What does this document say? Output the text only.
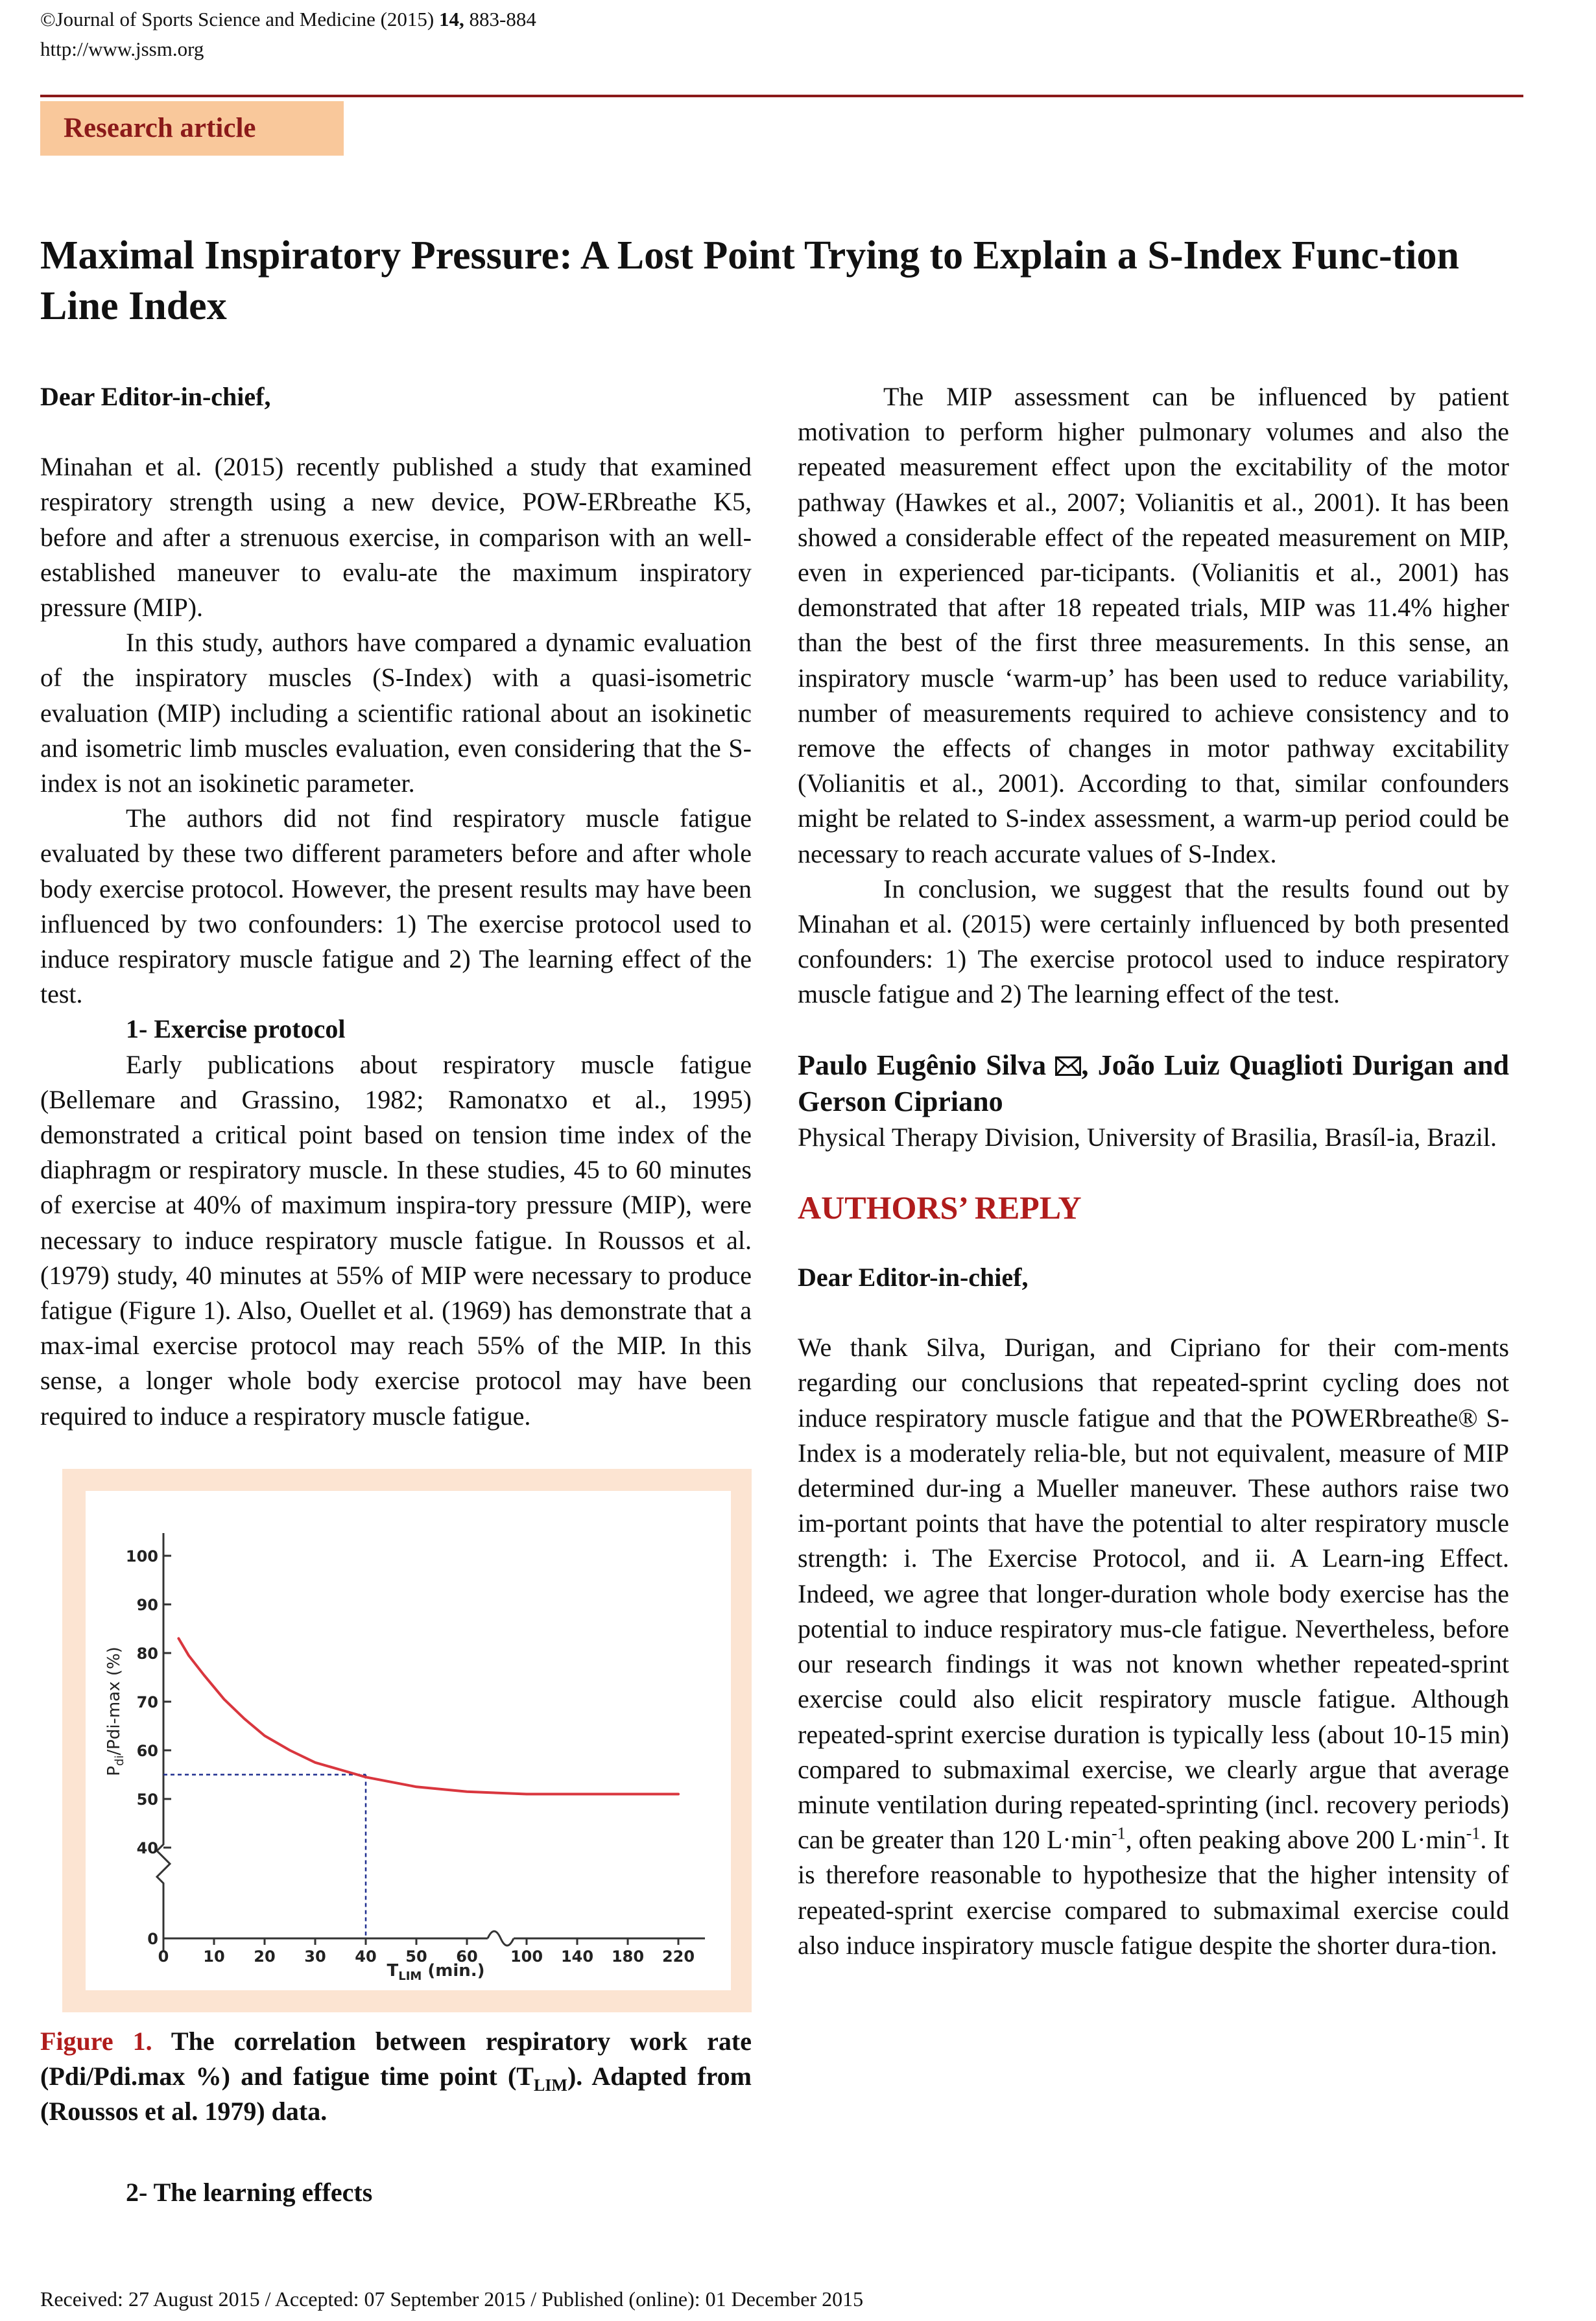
©Journal of Sports Science and Medicine (2015) 14, 883-884
http://www.jssm.org
Research article
Maximal Inspiratory Pressure: A Lost Point Trying to Explain a S-Index Func-tion Line Index

Dear Editor-in-chief,

Minahan et al. (2015) recently published a study that examined respiratory strength using a new device, POW-ERbreathe K5, before and after a strenuous exercise, in comparison with an well-established maneuver to evalu-ate the maximum inspiratory pressure (MIP).

In this study, authors have compared a dynamic evaluation of the inspiratory muscles (S-Index) with a quasi-isometric evaluation (MIP) including a scientific rational about an isokinetic and isometric limb muscles evaluation, even considering that the S-index is not an isokinetic parameter.

The authors did not find respiratory muscle fatigue evaluated by these two different parameters before and after whole body exercise protocol. However, the present results may have been influenced by two confounders: 1) The exercise protocol used to induce respiratory muscle fatigue and 2) The learning effect of the test.

1- Exercise protocol

Early publications about respiratory muscle fatigue (Bellemare and Grassino, 1982; Ramonatxo et al., 1995) demonstrated a critical point based on tension time index of the diaphragm or respiratory muscle. In these studies, 45 to 60 minutes of exercise at 40% of maximum inspira-tory pressure (MIP), were necessary to induce respiratory muscle fatigue. In Roussos et al. (1979) study, 40 minutes at 55% of MIP were necessary to produce fatigue (Figure 1). Also, Ouellet et al. (1969) has demonstrate that a max-imal exercise protocol may reach 55% of the MIP. In this sense, a longer whole body exercise protocol may have been required to induce a respiratory muscle fatigue.

100
90
80
70
60
50
40
0
0 10 20 30 40 50 60 100 140 180 220
$T_{LIM}$ (min.)
$P_{di}/Pdi-\max$ (%)

Figure 1. The correlation between respiratory work rate (Pdi/Pdi.max %) and fatigue time point $(T_{LIM})$. Adapted from (Roussos et al. 1979) data.

2- The learning effects

The MIP assessment can be influenced by patient motivation to perform higher pulmonary volumes and also the repeated measurement effect upon the excitability of the motor pathway (Hawkes et al., 2007; Volianitis et al., 2001). It has been showed a considerable effect of the repeated measurement on MIP, even in experienced par-ticipants. (Volianitis et al., 2001) has demonstrated that after 18 repeated trials, MIP was 11.4% higher than the best of the first three measurements. In this sense, an inspiratory muscle ‘warm-up’ has been used to reduce variability, number of measurements required to achieve consistency and to remove the effects of changes in motor pathway excitability (Volianitis et al., 2001). According to that, similar confounders might be related to S-index assessment, a warm-up period could be necessary to reach accurate values of S-Index.

In conclusion, we suggest that the results found out by Minahan et al. (2015) were certainly influenced by both presented confounders: 1) The exercise protocol used to induce respiratory muscle fatigue and 2) The learning effect of the test.

Paulo Eugênio Silva , João Luiz Quaglioti Durigan and Gerson Cipriano

Physical Therapy Division, University of Brasilia, Brasíl-ia, Brazil.

AUTHORS’ REPLY

Dear Editor-in-chief,

We thank Silva, Durigan, and Cipriano for their com-ments regarding our conclusions that repeated-sprint cycling does not induce respiratory muscle fatigue and that the POWERbreathe® S-Index is a moderately relia-ble, but not equivalent, measure of MIP determined dur-ing a Mueller maneuver. These authors raise two im-portant points that have the potential to alter respiratory muscle strength: i. The Exercise Protocol, and ii. A Learn-ing Effect. Indeed, we agree that longer-duration whole body exercise has the potential to induce respiratory mus-cle fatigue. Nevertheless, before our research findings it was not known whether repeated-sprint exercise could also elicit respiratory muscle fatigue. Although repeated-sprint exercise duration is typically less (about 10-15 min) compared to submaximal exercise, we clearly argue that average minute ventilation during repeated-sprinting (incl. recovery periods) can be greater than 120 $L\cdot\min^{-1}$, often peaking above 200 $L\cdot\min^{-1}$. It is therefore reasonable to hypothesize that the higher intensity of repeated-sprint exercise compared to submaximal exercise could also induce inspiratory muscle fatigue despite the shorter dura-tion.

Received: 27 August 2015 / Accepted: 07 September 2015 / Published (online): 01 December 2015
